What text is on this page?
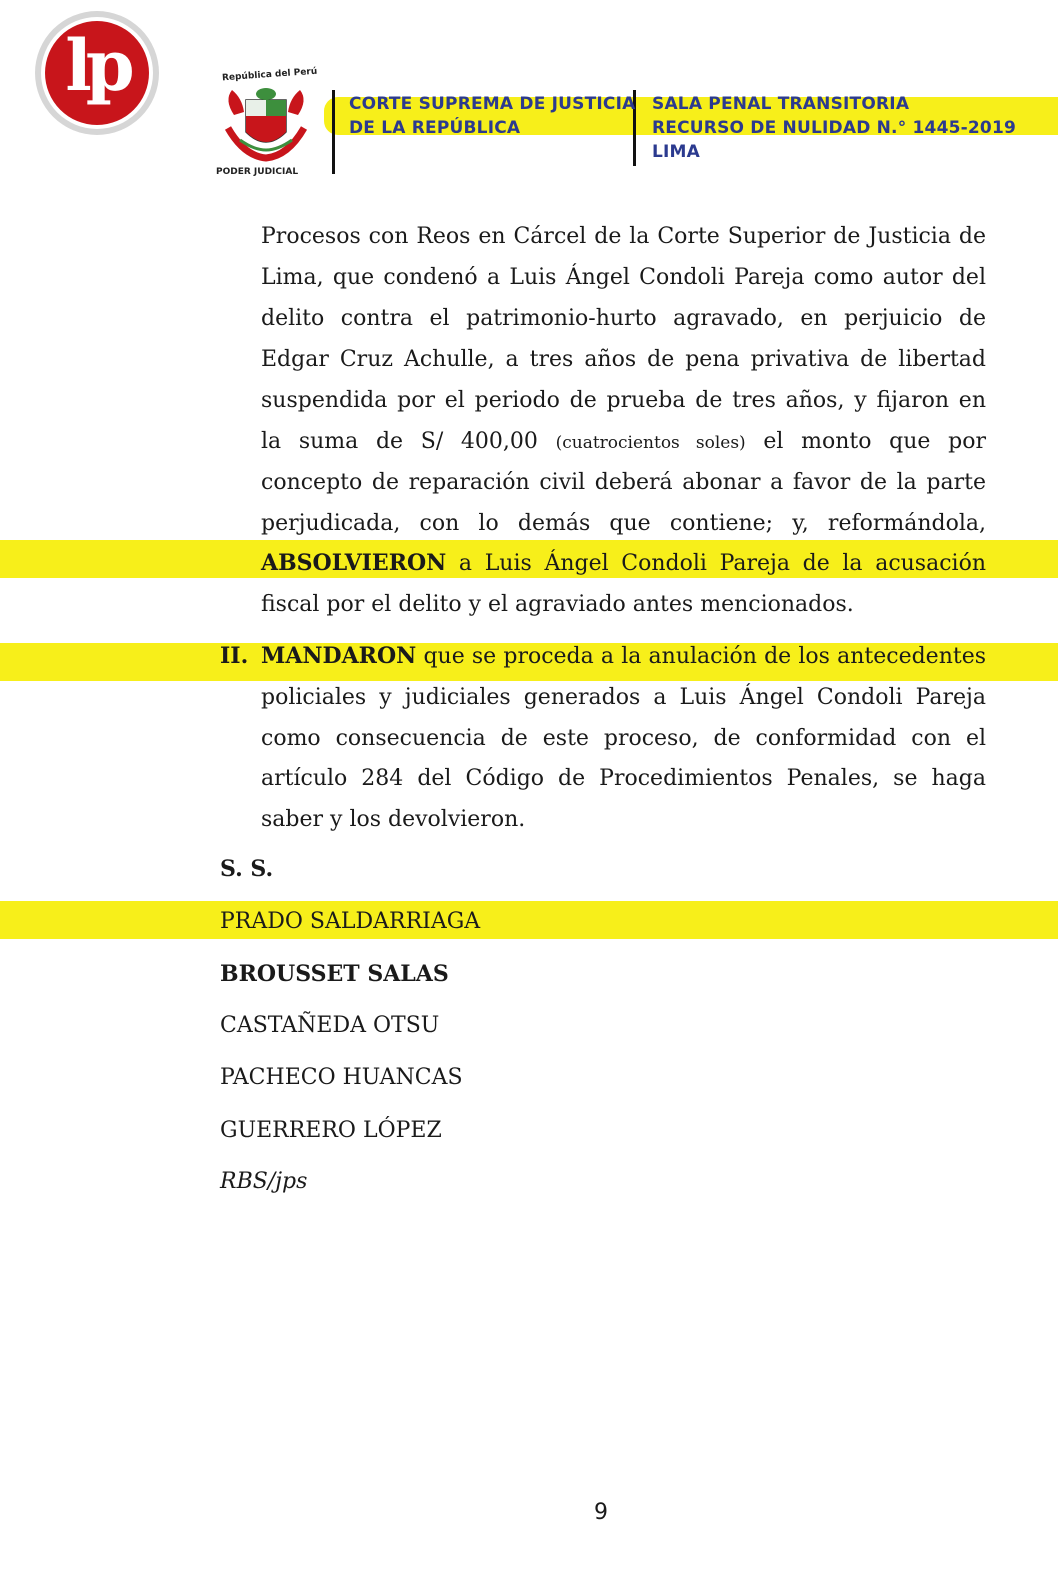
lp	República del Perú
PODER JUDICIAL
CORTE SUPREMA DE JUSTICIA
DE LA REPÚBLICA
SALA PENAL TRANSITORIA
RECURSO DE NULIDAD N.° 1445-2019
LIMA
Procesos con Reos en Cárcel de la Corte Superior de Justicia de
Lima, que condenó a Luis Ángel Condoli Pareja como autor del
delito contra el patrimonio-hurto agravado, en perjuicio de
Edgar Cruz Achulle, a tres años de pena privativa de libertad
suspendida por el periodo de prueba de tres años, y fijaron en
la suma de S/ 400,00 (cuatrocientos soles) el monto que por
concepto de reparación civil deberá abonar a favor de la parte
perjudicada, con lo demás que contiene; y, reformándola,
ABSOLVIERON a Luis Ángel Condoli Pareja de la acusación
fiscal por el delito y el agraviado antes mencionados.
II. MANDARON que se proceda a la anulación de los antecedentes
policiales y judiciales generados a Luis Ángel Condoli Pareja
como consecuencia de este proceso, de conformidad con el
artículo 284 del Código de Procedimientos Penales, se haga
saber y los devolvieron.
S. S.
PRADO SALDARRIAGA
BROUSSET SALAS
CASTAÑEDA OTSU
PACHECO HUANCAS
GUERRERO LÓPEZ
RBS/jps
9
